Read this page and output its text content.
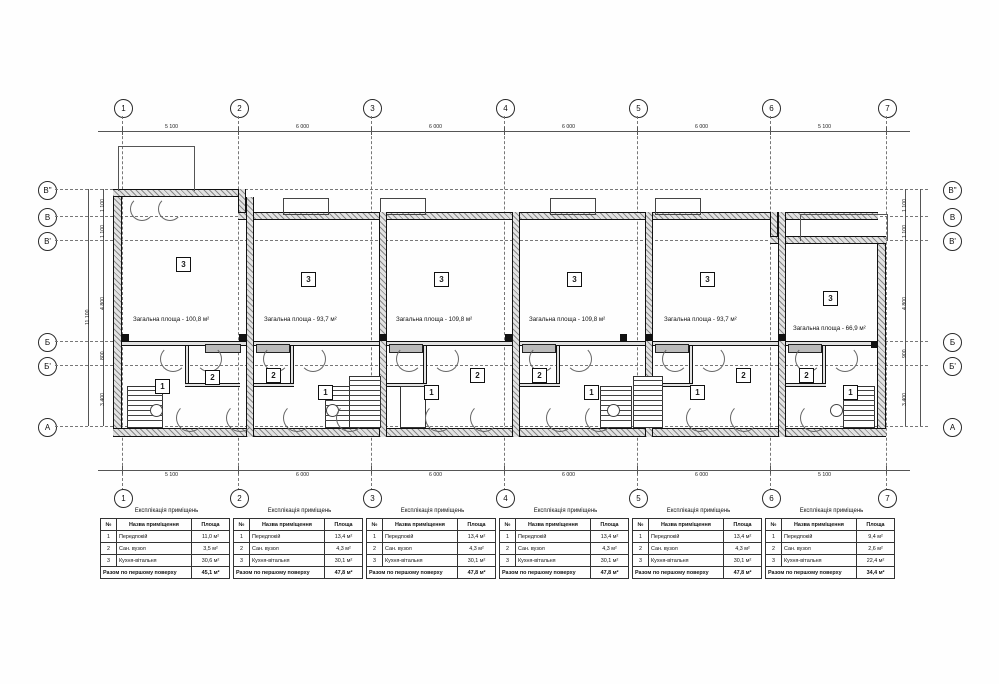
1	2	3	4	5	6	7
5 100	6 000	6 000	6 000	6 000	5 100
В"
В
В'
Б
Б'
А
1 100
1 100
4 800
11 100
800
3 400
В"
В
В'
Б
Б'
А
1 100
1 100
4 800
900
3 400
3
1
2
3
2
1
3
2
1
3
2
1
3
2
1
3
2
1
Загальна площа - 100,8 м²	Загальна площа - 93,7 м²	Загальна площа - 109,8 м²	Загальна площа - 109,8 м²	Загальна площа - 93,7 м²
Загальна площа - 66,9 м²
5 100	6 000	6 000	6 000	6 000	5 100
1	2	3	4	5	6	7
Експлікація приміщень
№	Назва приміщення	Площа
1	Передпокій	11,0 м²
2	Сан. вузол	3,5 м²
3	Кухня-вітальня	30,6 м²
Разом по першому поверху		45,1 м²
Експлікація приміщень
№	Назва приміщення	Площа
1	Передпокій	13,4 м²
2	Сан. вузол	4,3 м²
3	Кухня-вітальня	30,1 м²
Разом по першому поверху		47,8 м²
Експлікація приміщень
№	Назва приміщення	Площа
1	Передпокій	13,4 м²
2	Сан. вузол	4,3 м²
3	Кухня-вітальня	30,1 м²
Разом по першому поверху		47,8 м²
Експлікація приміщень
№	Назва приміщення	Площа
1	Передпокій	13,4 м²
2	Сан. вузол	4,3 м²
3	Кухня-вітальня	30,1 м²
Разом по першому поверху		47,8 м²
Експлікація приміщень
№	Назва приміщення	Площа
1	Передпокій	13,4 м²
2	Сан. вузол	4,3 м²
3	Кухня-вітальня	30,1 м²
Разом по першому поверху		47,8 м²
Експлікація приміщень
№	Назва приміщення	Площа
1	Передпокій	9,4 м²
2	Сан. вузол	2,6 м²
3	Кухня-вітальня	22,4 м²
Разом по першому поверху		34,4 м²
